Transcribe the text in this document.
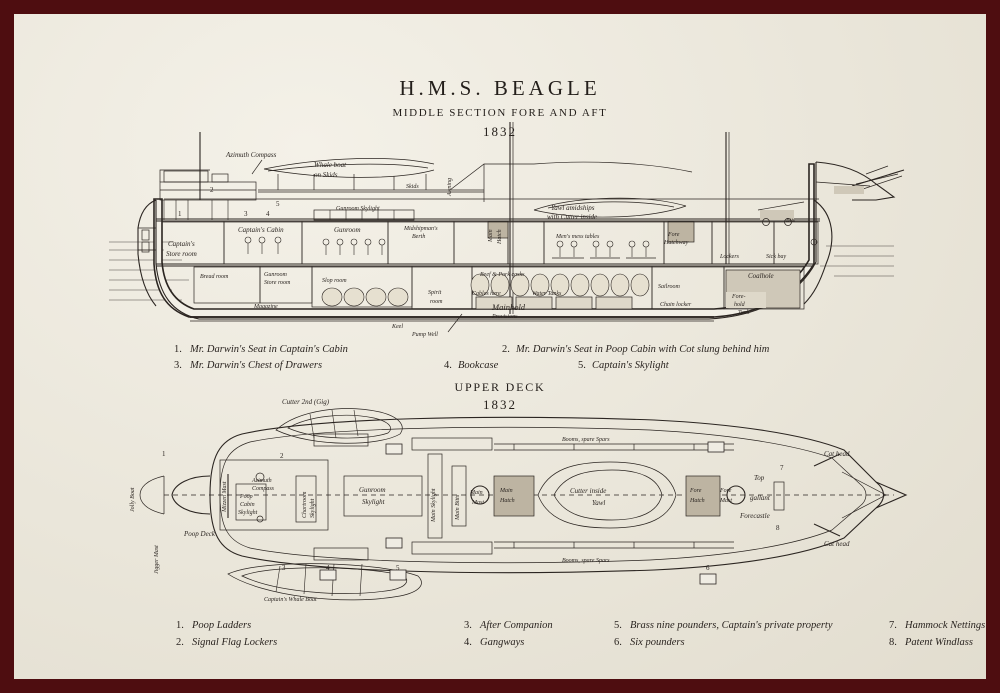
H.M.S. BEAGLE
MIDDLE SECTION FORE AND AFT
1832
UPPER DECK
1832
Keel
Azimuth Compass
Whale boat
on Skids
Skids
Gunroom Skylight
Awning
Yawl amidships
with Cutter inside	Bits
Captain's Cabin
Captain's
Store room
Gunroom	Midshipman's
Berth	Men's mess tables	Fore
Hatchway
Lockers	Sick bay
Main Hatch
Bread room	Gunroom
Store room	Slop room
Spirit
room
Beef & Pork casks
Cables here	Water Tanks
Sailroom
Chain locker
Coalhole
Fore-
hold
Tank
Magazine	Mainhold
Provisions
Pump Well
1
2
3	4
5
Cutter 2nd (Gig)
Jolly Boat
Jigger Mast
Mizzen Mast
Azimuth
Compass
Poop
Cabin
Skylight	Chartroom Skylight
Gunroom
Skylight	Main Skylight	Main Bitts
Main
Mast
Main
Hatch
Cutter inside
Yawl
Booms, spare Spars
Booms, spare Spars
Fore
Hatch
Fore
Mast
Top
gallant
Forecastle
Cat head
Cat head
Poop Deck
Captain's Whale Boat
1	2
3	4	5	6
7
8
1. Mr. Darwin's Seat in Captain's Cabin	2. Mr. Darwin's Seat in Poop Cabin with Cot slung behind him
3. Mr. Darwin's Chest of Drawers	4. Bookcase	5. Captain's Skylight
1. Poop Ladders	3. After Companion	5. Brass nine pounders, Captain's private property	7. Hammock Nettings
2. Signal Flag Lockers	4. Gangways	6. Six pounders	8. Patent Windlass
